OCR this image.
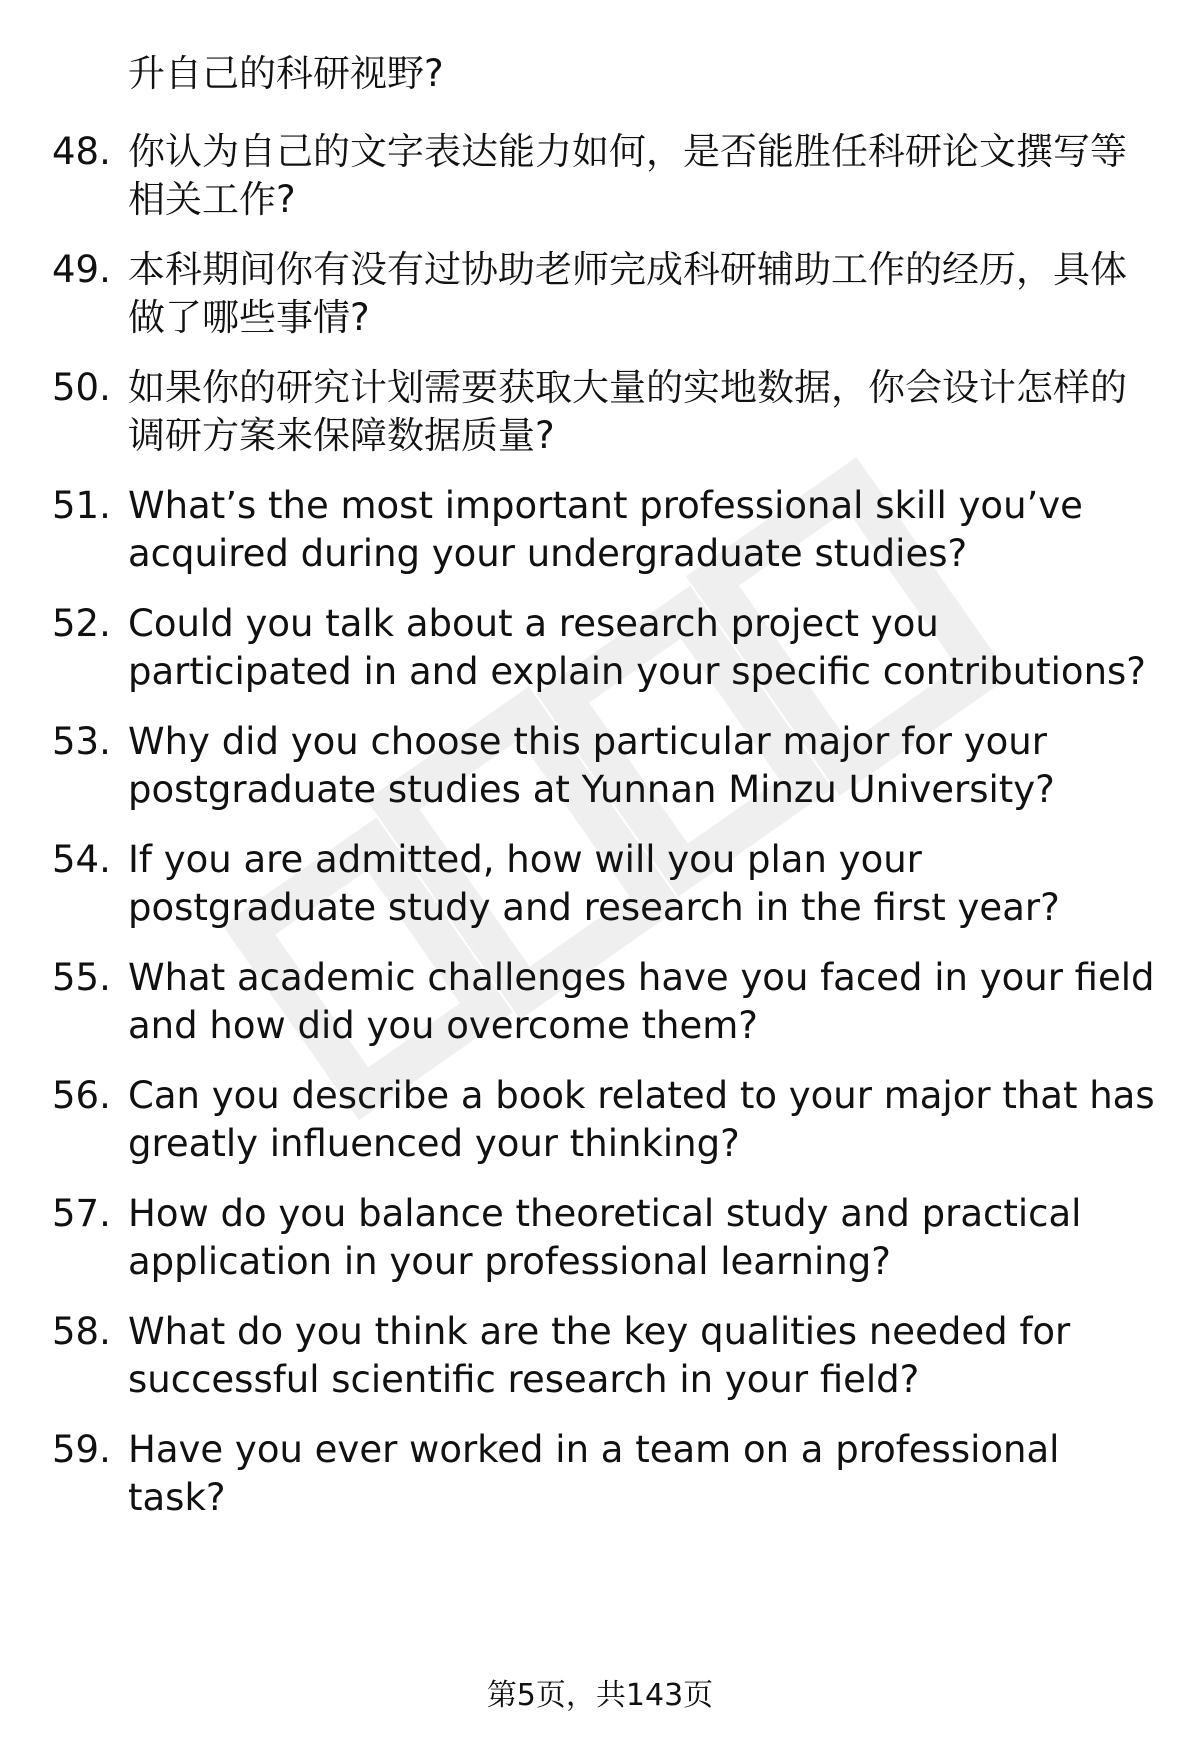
升自己的科研视野?
48. 你认为自己的文字表达能力如何，是否能胜任科研论文撰写等相关工作?
49. 本科期间你有没有过协助老师完成科研辅助工作的经历，具体做了哪些事情?
50. 如果你的研究计划需要获取大量的实地数据，你会设计怎样的调研方案来保障数据质量?
51. What’s the most important professional skill you’ve acquired during your undergraduate studies?
52. Could you talk about a research project you participated in and explain your specific contributions?
53. Why did you choose this particular major for your postgraduate studies at Yunnan Minzu University?
54. If you are admitted, how will you plan your postgraduate study and research in the first year?
55. What academic challenges have you faced in your field and how did you overcome them?
56. Can you describe a book related to your major that has greatly influenced your thinking?
57. How do you balance theoretical study and practical application in your professional learning?
58. What do you think are the key qualities needed for successful scientific research in your field?
59. Have you ever worked in a team on a professional task?
第5页，共143页
